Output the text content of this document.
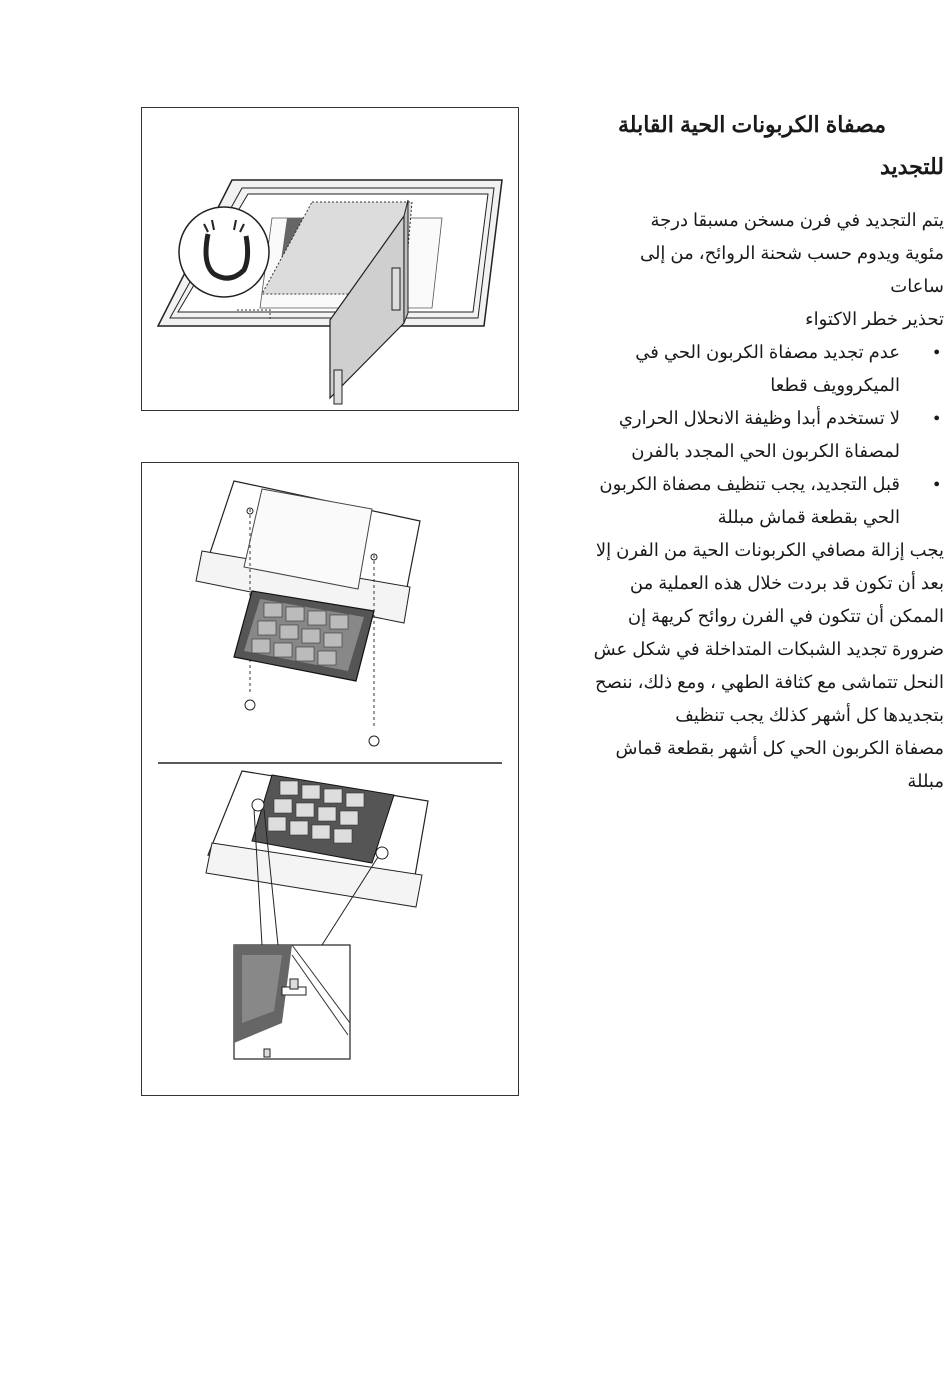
مصفاة الكربونات الحية القابلة
للتجديد

يتم التجديد في فرن مسخن مسبقا درجة
مئوية ويدوم حسب شحنة الروائح، من إلى
ساعات

تحذير خطر الاكتواء

● عدم تجديد مصفاة الكربون الحي في
الميكروويف قطعا
● لا تستخدم أبدا وظيفة الانحلال الحراري
لمصفاة الكربون الحي المجدد بالفرن
● قبل التجديد، يجب تنظيف مصفاة الكربون
الحي بقطعة قماش مبللة

يجب إزالة مصافي الكربونات الحية من الفرن إلا
بعد أن تكون قد بردت خلال هذه العملية من
الممكن أن تتكون في الفرن روائح كريهة إن
ضرورة تجديد الشبكات المتداخلة في شكل عش
النحل تتماشى مع كثافة الطهي ، ومع ذلك، ننصح
بتجديدها كل أشهر كذلك يجب تنظيف
مصفاة الكربون الحي كل أشهر بقطعة قماش
مبللة
